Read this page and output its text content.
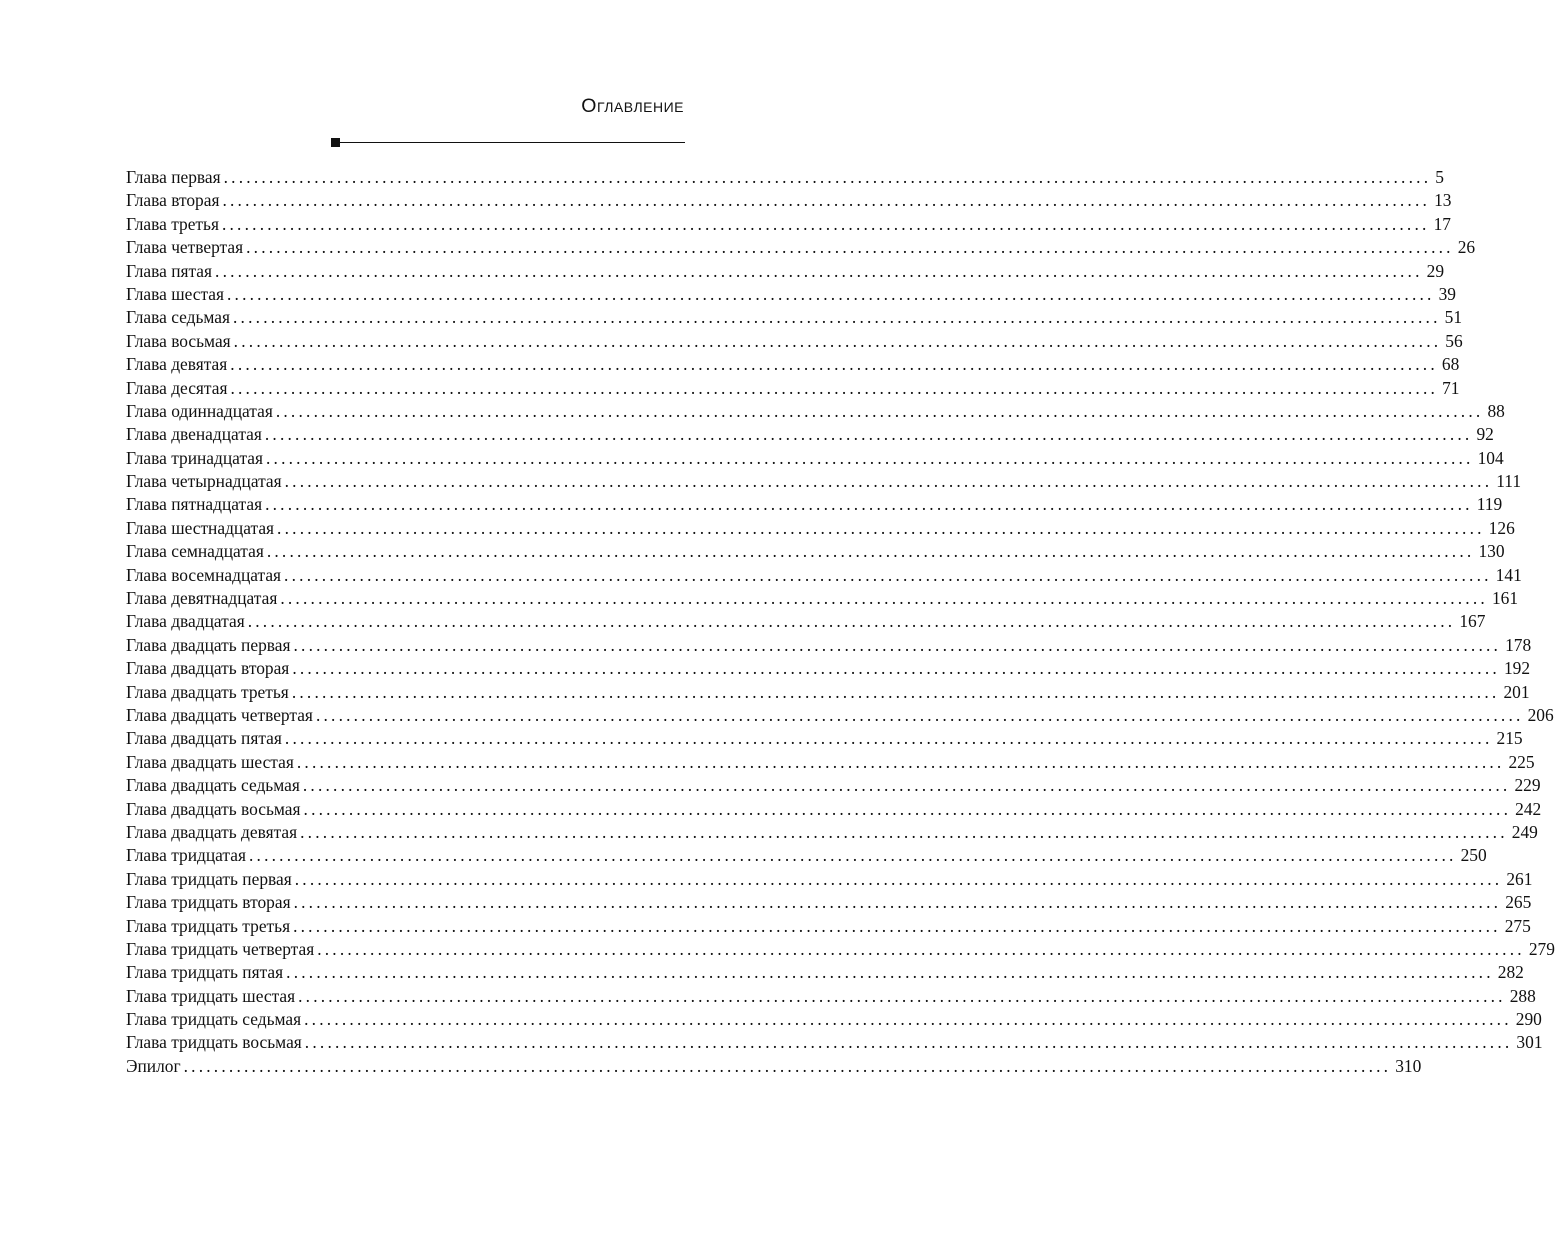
Оглавление
Глава первая ................................................................................................................................................................ 5
Глава вторая ................................................................................................................................................................ 13
Глава третья ................................................................................................................................................................ 17
Глава четвертая ................................................................................................................................................................ 26
Глава пятая ................................................................................................................................................................ 29
Глава шестая ................................................................................................................................................................ 39
Глава седьмая ................................................................................................................................................................ 51
Глава восьмая ................................................................................................................................................................ 56
Глава девятая ................................................................................................................................................................ 68
Глава десятая ................................................................................................................................................................ 71
Глава одиннадцатая ................................................................................................................................................................ 88
Глава двенадцатая ................................................................................................................................................................ 92
Глава тринадцатая ................................................................................................................................................................ 104
Глава четырнадцатая ................................................................................................................................................................ 111
Глава пятнадцатая ................................................................................................................................................................ 119
Глава шестнадцатая ................................................................................................................................................................ 126
Глава семнадцатая ................................................................................................................................................................ 130
Глава восемнадцатая ................................................................................................................................................................ 141
Глава девятнадцатая ................................................................................................................................................................ 161
Глава двадцатая ................................................................................................................................................................ 167
Глава двадцать первая ................................................................................................................................................................ 178
Глава двадцать вторая ................................................................................................................................................................ 192
Глава двадцать третья ................................................................................................................................................................ 201
Глава двадцать четвертая ................................................................................................................................................................ 206
Глава двадцать пятая ................................................................................................................................................................ 215
Глава двадцать шестая ................................................................................................................................................................ 225
Глава двадцать седьмая ................................................................................................................................................................ 229
Глава двадцать восьмая ................................................................................................................................................................ 242
Глава двадцать девятая ................................................................................................................................................................ 249
Глава тридцатая ................................................................................................................................................................ 250
Глава тридцать первая ................................................................................................................................................................ 261
Глава тридцать вторая ................................................................................................................................................................ 265
Глава тридцать третья ................................................................................................................................................................ 275
Глава тридцать четвертая ................................................................................................................................................................ 279
Глава тридцать пятая ................................................................................................................................................................ 282
Глава тридцать шестая ................................................................................................................................................................ 288
Глава тридцать седьмая ................................................................................................................................................................ 290
Глава тридцать восьмая ................................................................................................................................................................ 301
Эпилог ................................................................................................................................................................ 310
